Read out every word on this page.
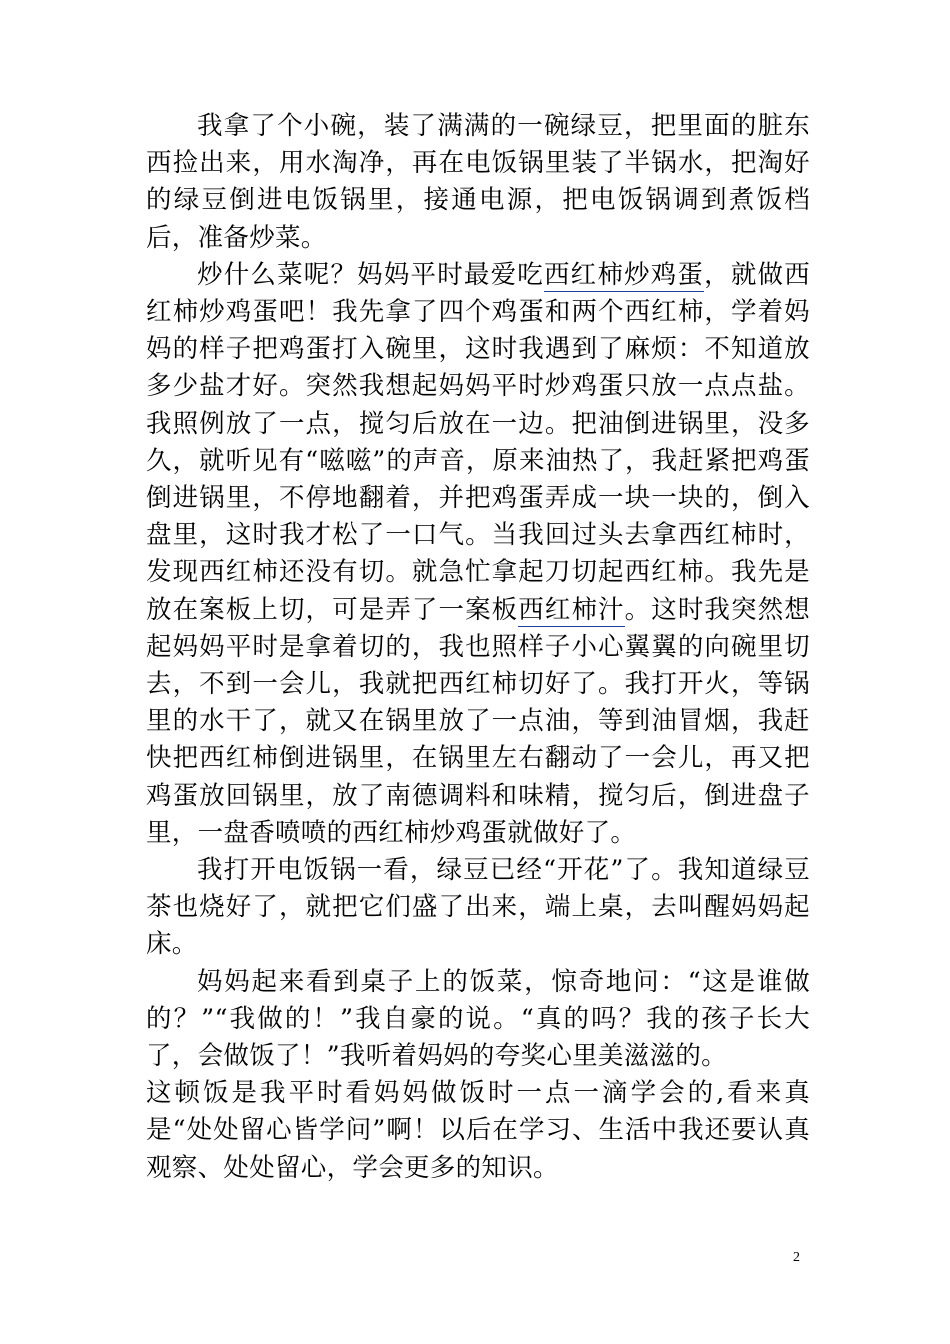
我拿了个小碗，装了满满的一碗绿豆，把里面的脏东西捡出来，用水淘净，再在电饭锅里装了半锅水，把淘好的绿豆倒进电饭锅里，接通电源，把电饭锅调到煮饭档后，准备炒菜。

炒什么菜呢？妈妈平时最爱吃西红柿炒鸡蛋，就做西红柿炒鸡蛋吧！我先拿了四个鸡蛋和两个西红柿，学着妈妈的样子把鸡蛋打入碗里，这时我遇到了麻烦：不知道放多少盐才好。突然我想起妈妈平时炒鸡蛋只放一点点盐。我照例放了一点，搅匀后放在一边。把油倒进锅里，没多久，就听见有“嗞嗞”的声音，原来油热了，我赶紧把鸡蛋倒进锅里，不停地翻着，并把鸡蛋弄成一块一块的，倒入盘里，这时我才松了一口气。当我回过头去拿西红柿时，发现西红柿还没有切。就急忙拿起刀切起西红柿。我先是放在案板上切，可是弄了一案板西红柿汁。这时我突然想起妈妈平时是拿着切的，我也照样子小心翼翼的向碗里切去，不到一会儿，我就把西红柿切好了。我打开火，等锅里的水干了，就又在锅里放了一点油，等到油冒烟，我赶快把西红柿倒进锅里，在锅里左右翻动了一会儿，再又把鸡蛋放回锅里，放了南德调料和味精，搅匀后，倒进盘子里，一盘香喷喷的西红柿炒鸡蛋就做好了。

我打开电饭锅一看，绿豆已经“开花”了。我知道绿豆茶也烧好了，就把它们盛了出来，端上桌，去叫醒妈妈起床。

妈妈起来看到桌子上的饭菜，惊奇地问：“这是谁做的？”“我做的！”我自豪的说。“真的吗？我的孩子长大了，会做饭了！”我听着妈妈的夸奖心里美滋滋的。

这顿饭是我平时看妈妈做饭时一点一滴学会的,看来真是“处处留心皆学问”啊！以后在学习、生活中我还要认真观察、处处留心，学会更多的知识。

2
